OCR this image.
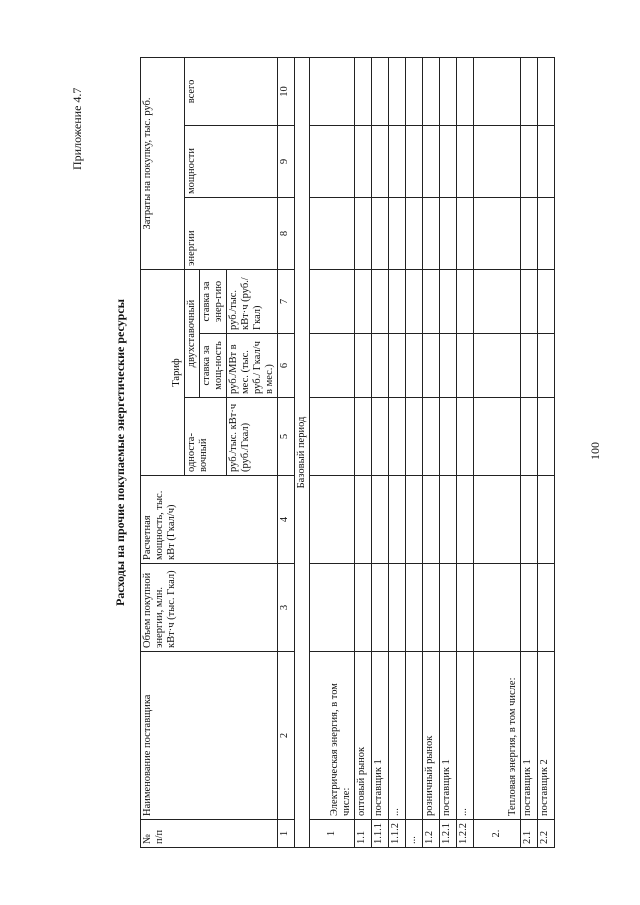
Приложение 4.7
Расходы на прочие покупаемые энергетические ресурсы
№ п/п	Наименование поставщика	Объем покупной энергии, млн. кВт·ч (тыс. Гкал)	Расчетная мощность, тыс. кВт (Гкал/ч)	Тариф			Затраты на покупку, тыс. руб.		
				односта-вочный	двухставочный		энергии	мощности	всего
					ставка за мощ-ность	ставка за энер-гию			
				руб./тыс. кВт·ч (руб./Гкал)	руб./МВт в мес. (тыс. руб./ Гкал/ч в мес.)	руб./тыс. кВт·ч (руб./Гкал)			
1	2	3	4	5	6	7	8	9	10
Базовый период									
1	Электрическая энергия, в том числе:								
1.1	оптовый рынок								
1.1.1	поставщик 1								
1.1.2	...								
...									
1.2	розничный рынок								
1.2.1	поставщик 1								
1.2.2	...								
2.	Тепловая энергия, в том числе:								
2.1	поставщик 1								
2.2	поставщик 2								
100
